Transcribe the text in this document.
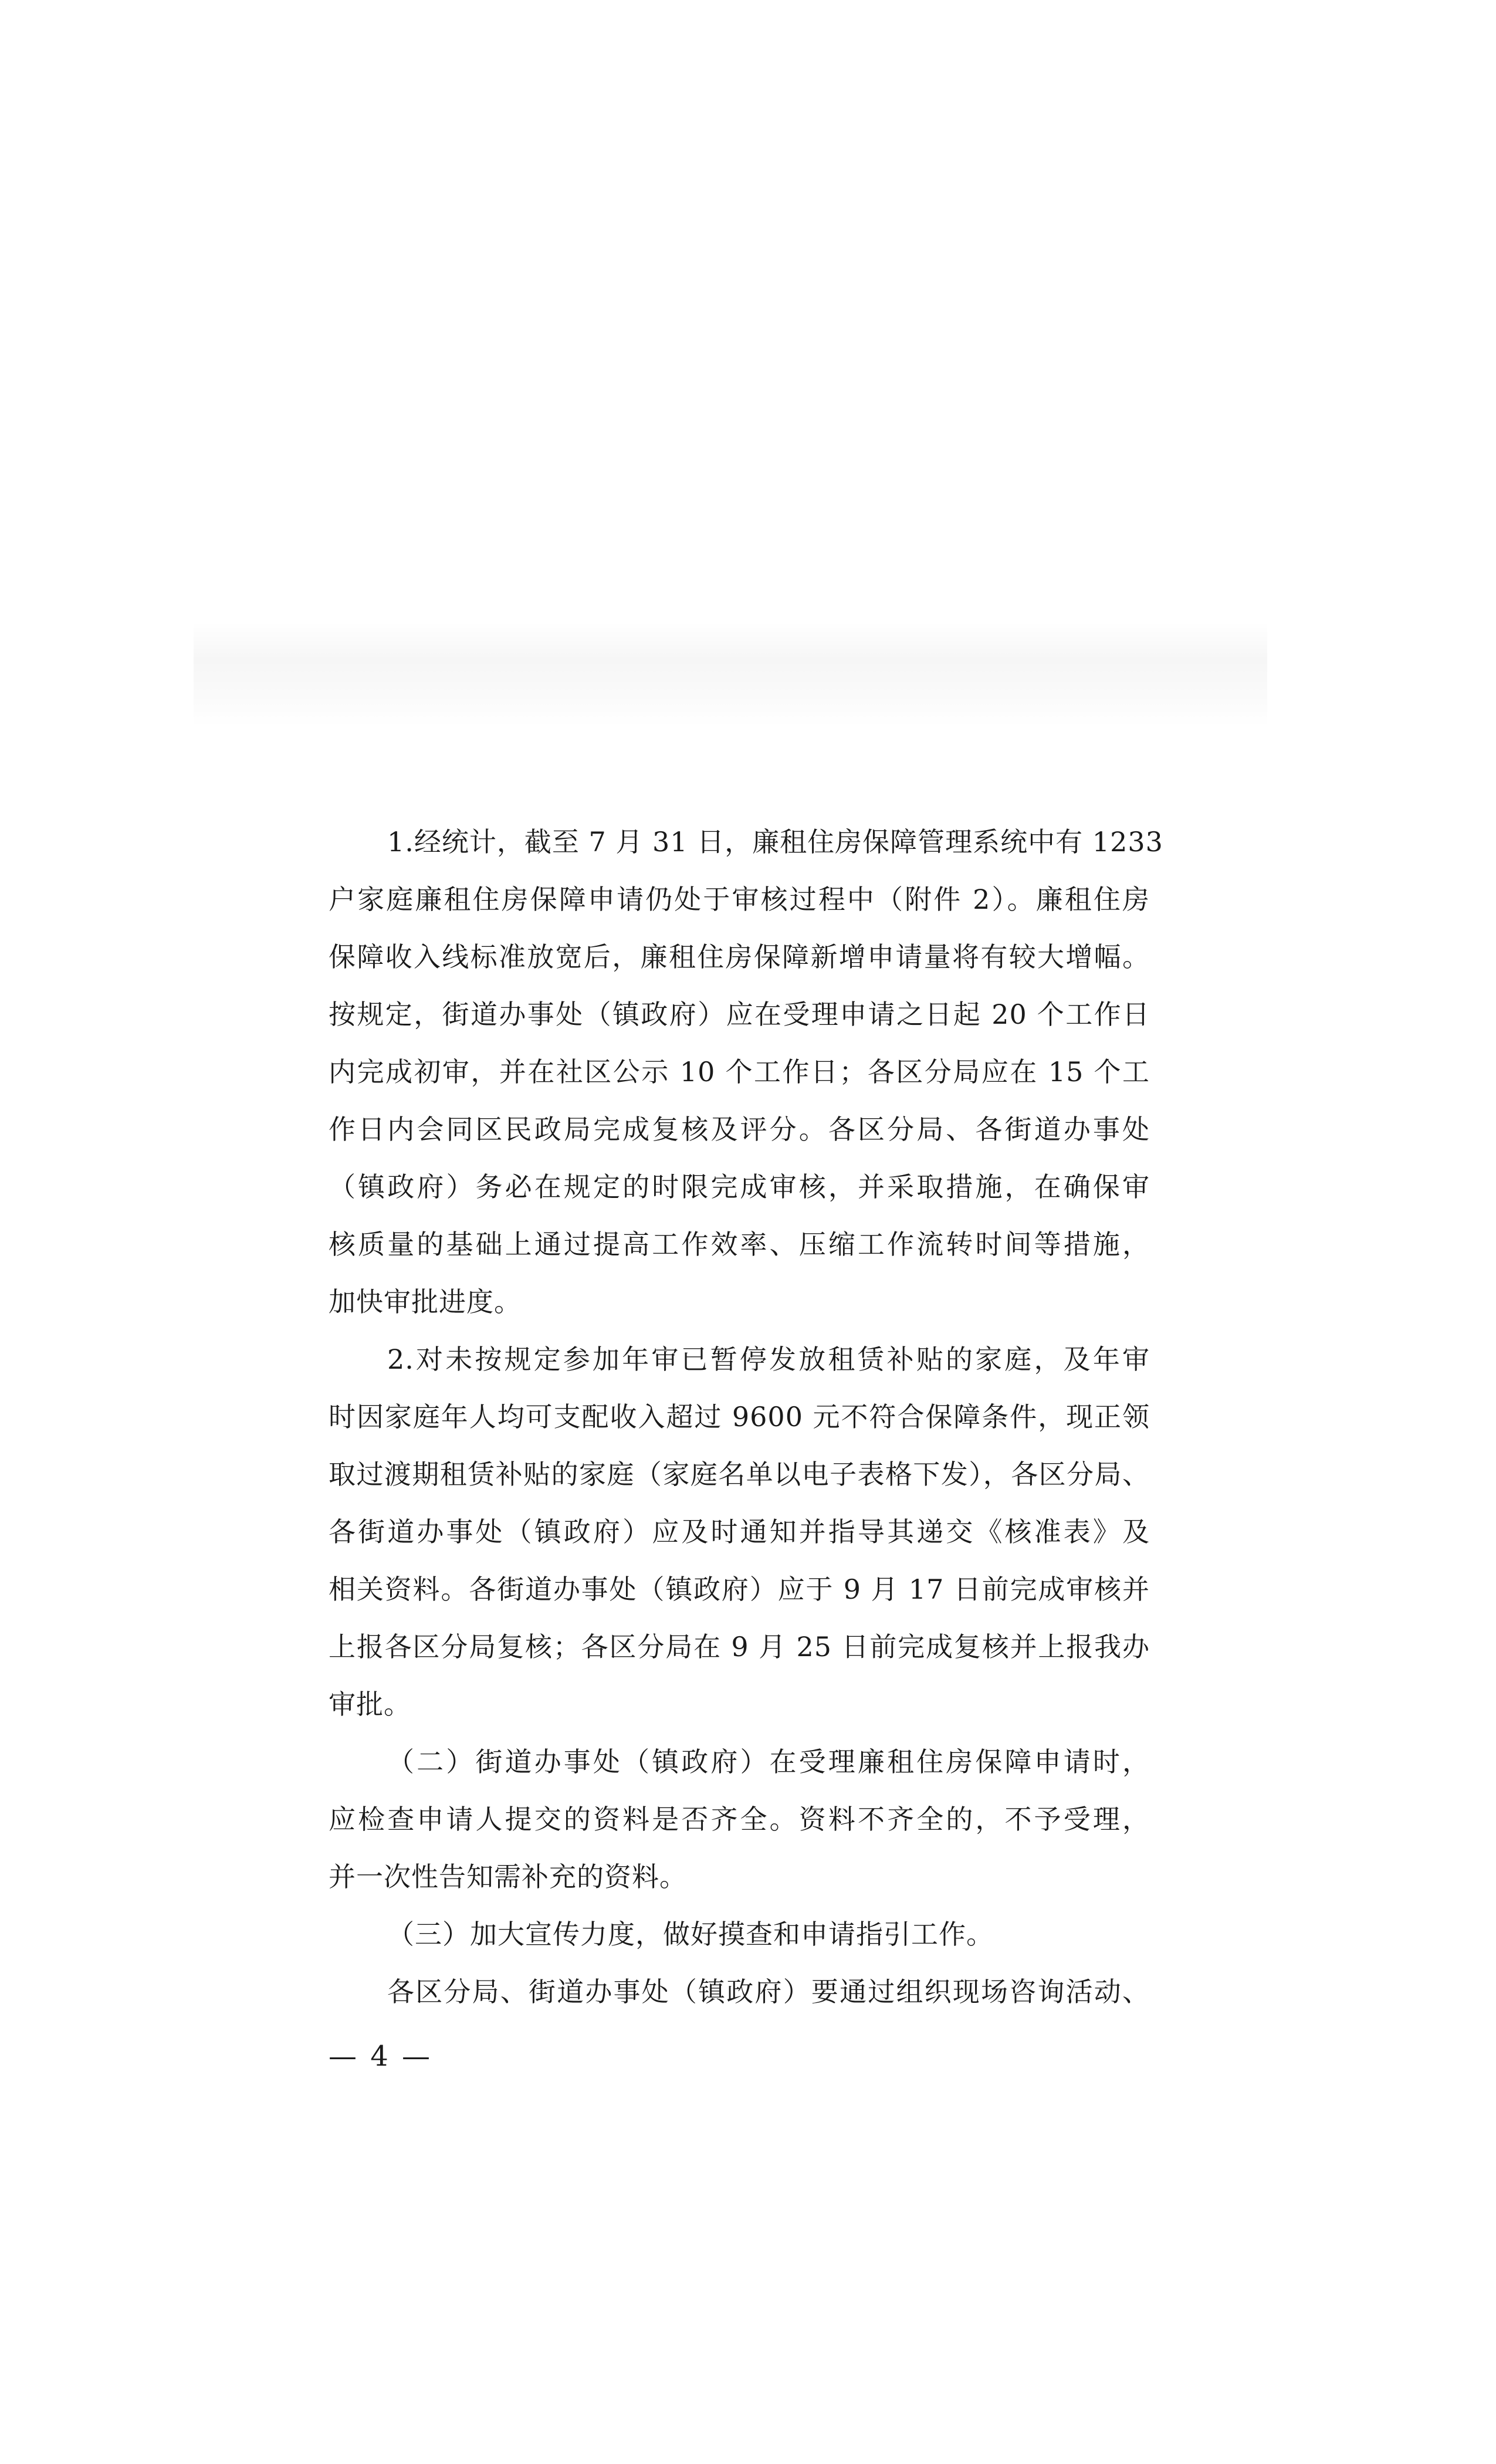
1.经统计，截至 7 月 31 日，廉租住房保障管理系统中有 1233
户家庭廉租住房保障申请仍处于审核过程中（附件 2）。廉租住房
保障收入线标准放宽后，廉租住房保障新增申请量将有较大增幅。
按规定，街道办事处（镇政府）应在受理申请之日起 20 个工作日
内完成初审，并在社区公示 10 个工作日；各区分局应在 15 个工
作日内会同区民政局完成复核及评分。各区分局、各街道办事处
（镇政府）务必在规定的时限完成审核，并采取措施，在确保审
核质量的基础上通过提高工作效率、压缩工作流转时间等措施，
加快审批进度。
2.对未按规定参加年审已暂停发放租赁补贴的家庭，及年审
时因家庭年人均可支配收入超过 9600 元不符合保障条件，现正领
取过渡期租赁补贴的家庭（家庭名单以电子表格下发），各区分局、
各街道办事处（镇政府）应及时通知并指导其递交《核准表》及
相关资料。各街道办事处（镇政府）应于 9 月 17 日前完成审核并
上报各区分局复核；各区分局在 9 月 25 日前完成复核并上报我办
审批。
（二）街道办事处（镇政府）在受理廉租住房保障申请时，
应检查申请人提交的资料是否齐全。资料不齐全的，不予受理，
并一次性告知需补充的资料。
（三）加大宣传力度，做好摸查和申请指引工作。
各区分局、街道办事处（镇政府）要通过组织现场咨询活动、
— 4 —
